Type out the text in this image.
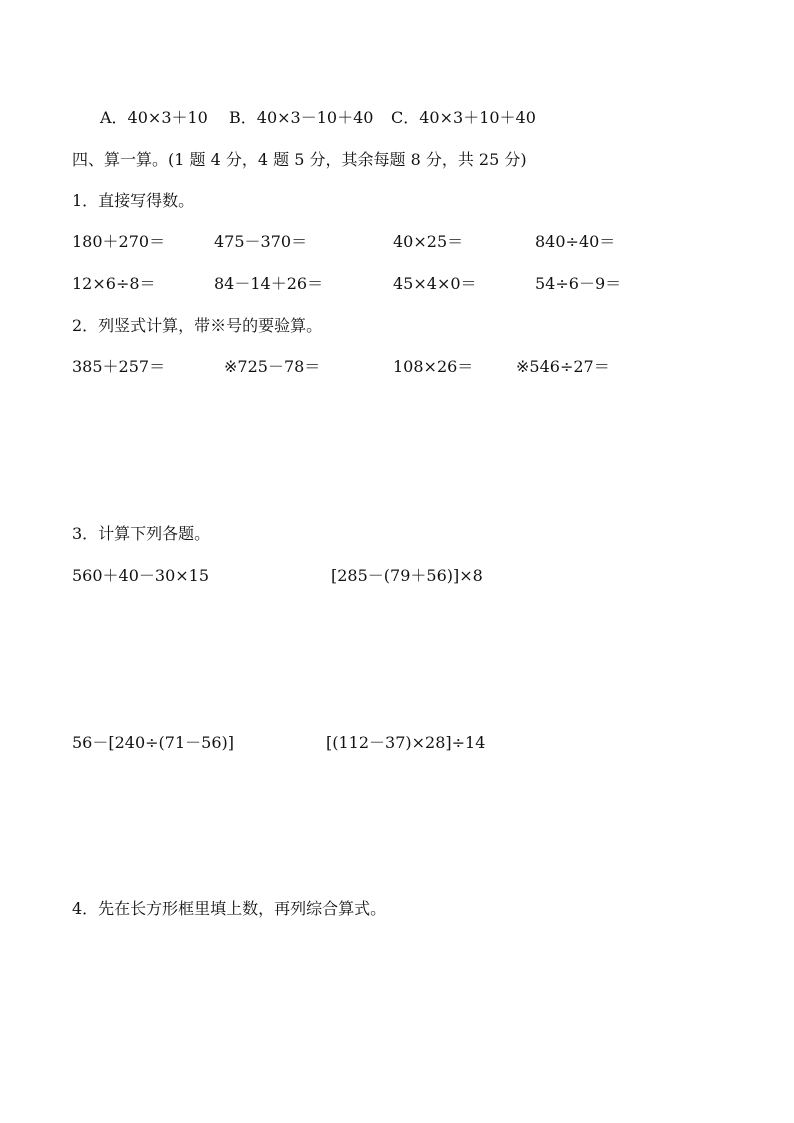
A．40×3＋10 B．40×3－10＋40 C．40×3＋10＋40
四、算一算。(1 题 4 分，4 题 5 分，其余每题 8 分，共 25 分)
1．直接写得数。
180＋270＝	475－370＝	40×25＝	840÷40＝
12×6÷8＝	84－14＋26＝	45×4×0＝	54÷6－9＝
2．列竖式计算，带※号的要验算。
385＋257＝	※725－78＝	108×26＝	※546÷27＝
3．计算下列各题。
560＋40－30×15	[285－(79＋56)]×8
56－[240÷(71－56)]	[(112－37)×28]÷14
4．先在长方形框里填上数，再列综合算式。
